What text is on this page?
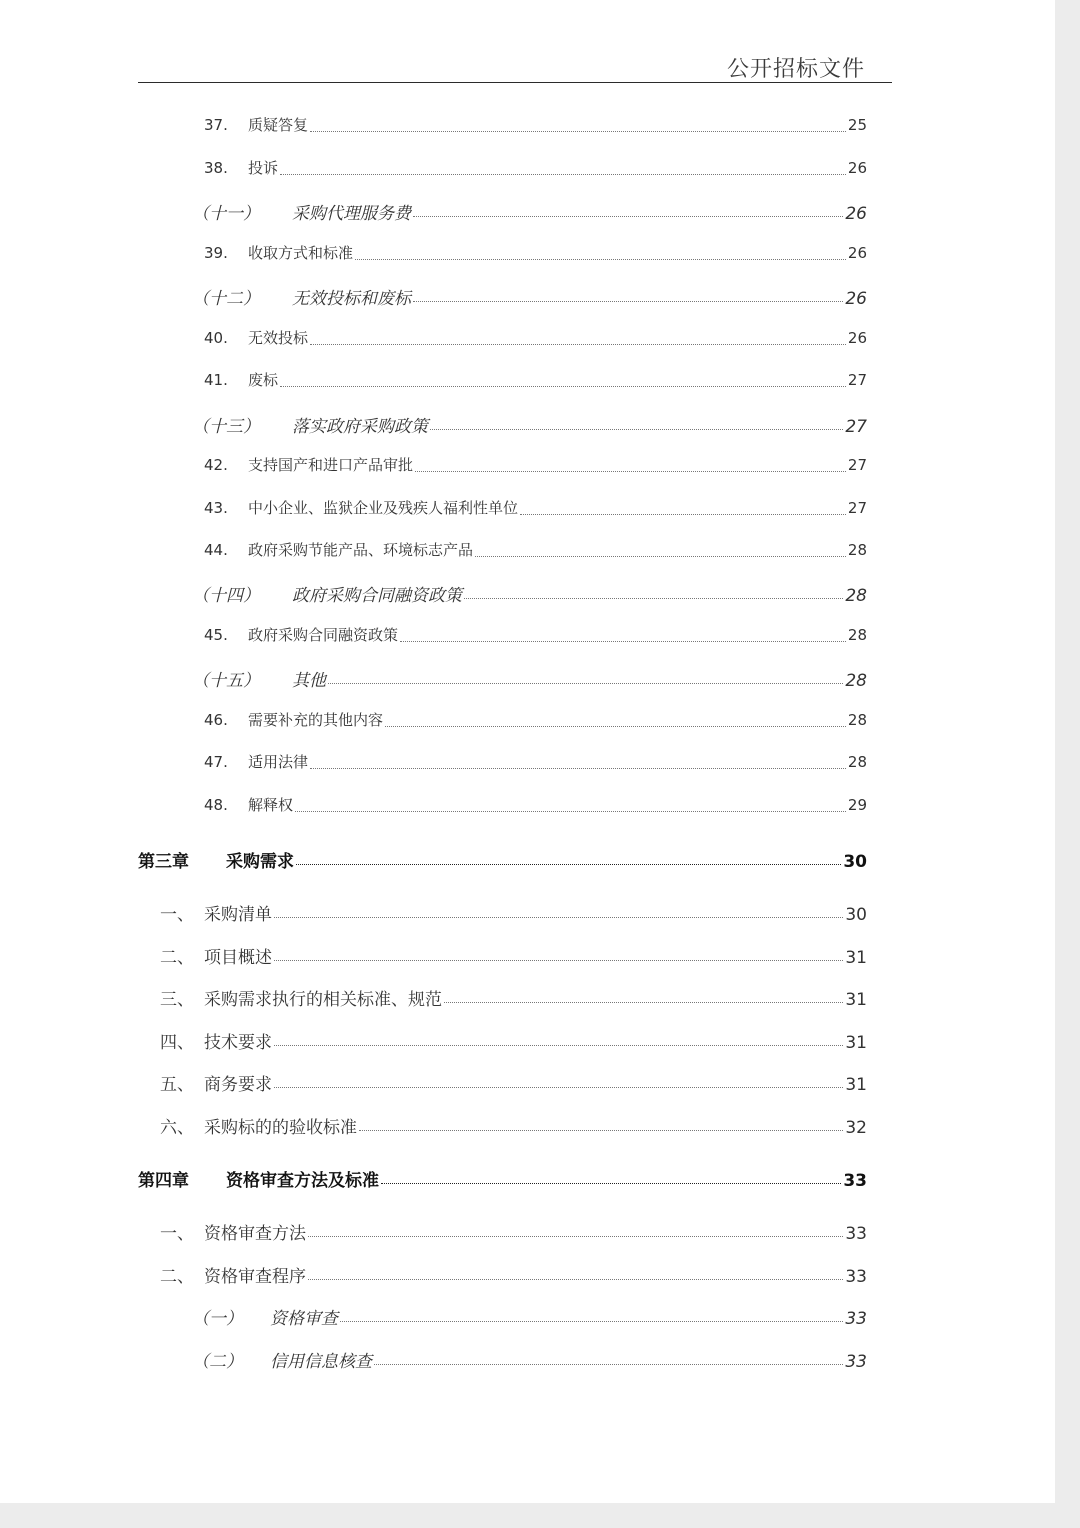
公开招标文件
37.	质疑答复	25
38.	投诉	26
（十一）	采购代理服务费	26
39.	收取方式和标准	26
（十二）	无效投标和废标	26
40.	无效投标	26
41.	废标	27
（十三）	落实政府采购政策	27
42.	支持国产和进口产品审批	27
43.	中小企业、监狱企业及残疾人福利性单位	27
44.	政府采购节能产品、环境标志产品	28
（十四）	政府采购合同融资政策	28
45.	政府采购合同融资政策	28
（十五）	其他	28
46.	需要补充的其他内容	28
47.	适用法律	28
48.	解释权	29
第三章	采购需求	30
一、 采购清单	30
二、 项目概述	31
三、 采购需求执行的相关标准、规范	31
四、 技术要求	31
五、 商务要求	31
六、 采购标的的验收标准	32
第四章	资格审查方法及标准	33
一、 资格审查方法	33
二、 资格审查程序	33
（一）	资格审查	33
（二）	信用信息核查	33
